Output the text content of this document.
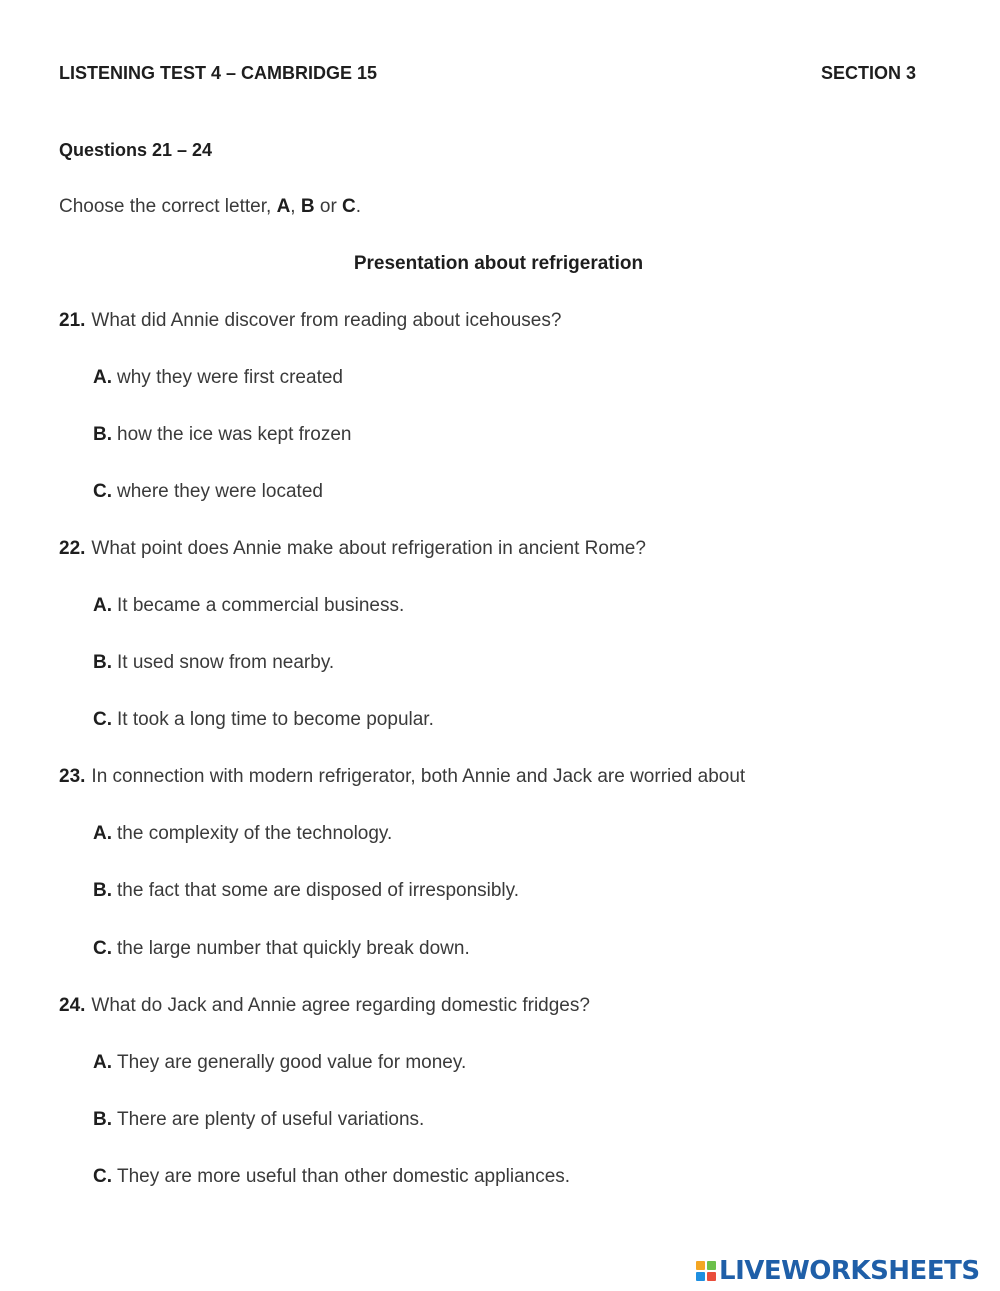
LISTENING TEST 4 – CAMBRIDGE 15	SECTION 3
Questions 21 – 24
Choose the correct letter, A, B or C.
Presentation about refrigeration
21. What did Annie discover from reading about icehouses?
A. why they were first created
B. how the ice was kept frozen
C. where they were located
22. What point does Annie make about refrigeration in ancient Rome?
A. It became a commercial business.
B. It used snow from nearby.
C. It took a long time to become popular.
23. In connection with modern refrigerator, both Annie and Jack are worried about
A. the complexity of the technology.
B. the fact that some are disposed of irresponsibly.
C. the large number that quickly break down.
24. What do Jack and Annie agree regarding domestic fridges?
A. They are generally good value for money.
B. There are plenty of useful variations.
C. They are more useful than other domestic appliances.
LIVEWORKSHEETS
